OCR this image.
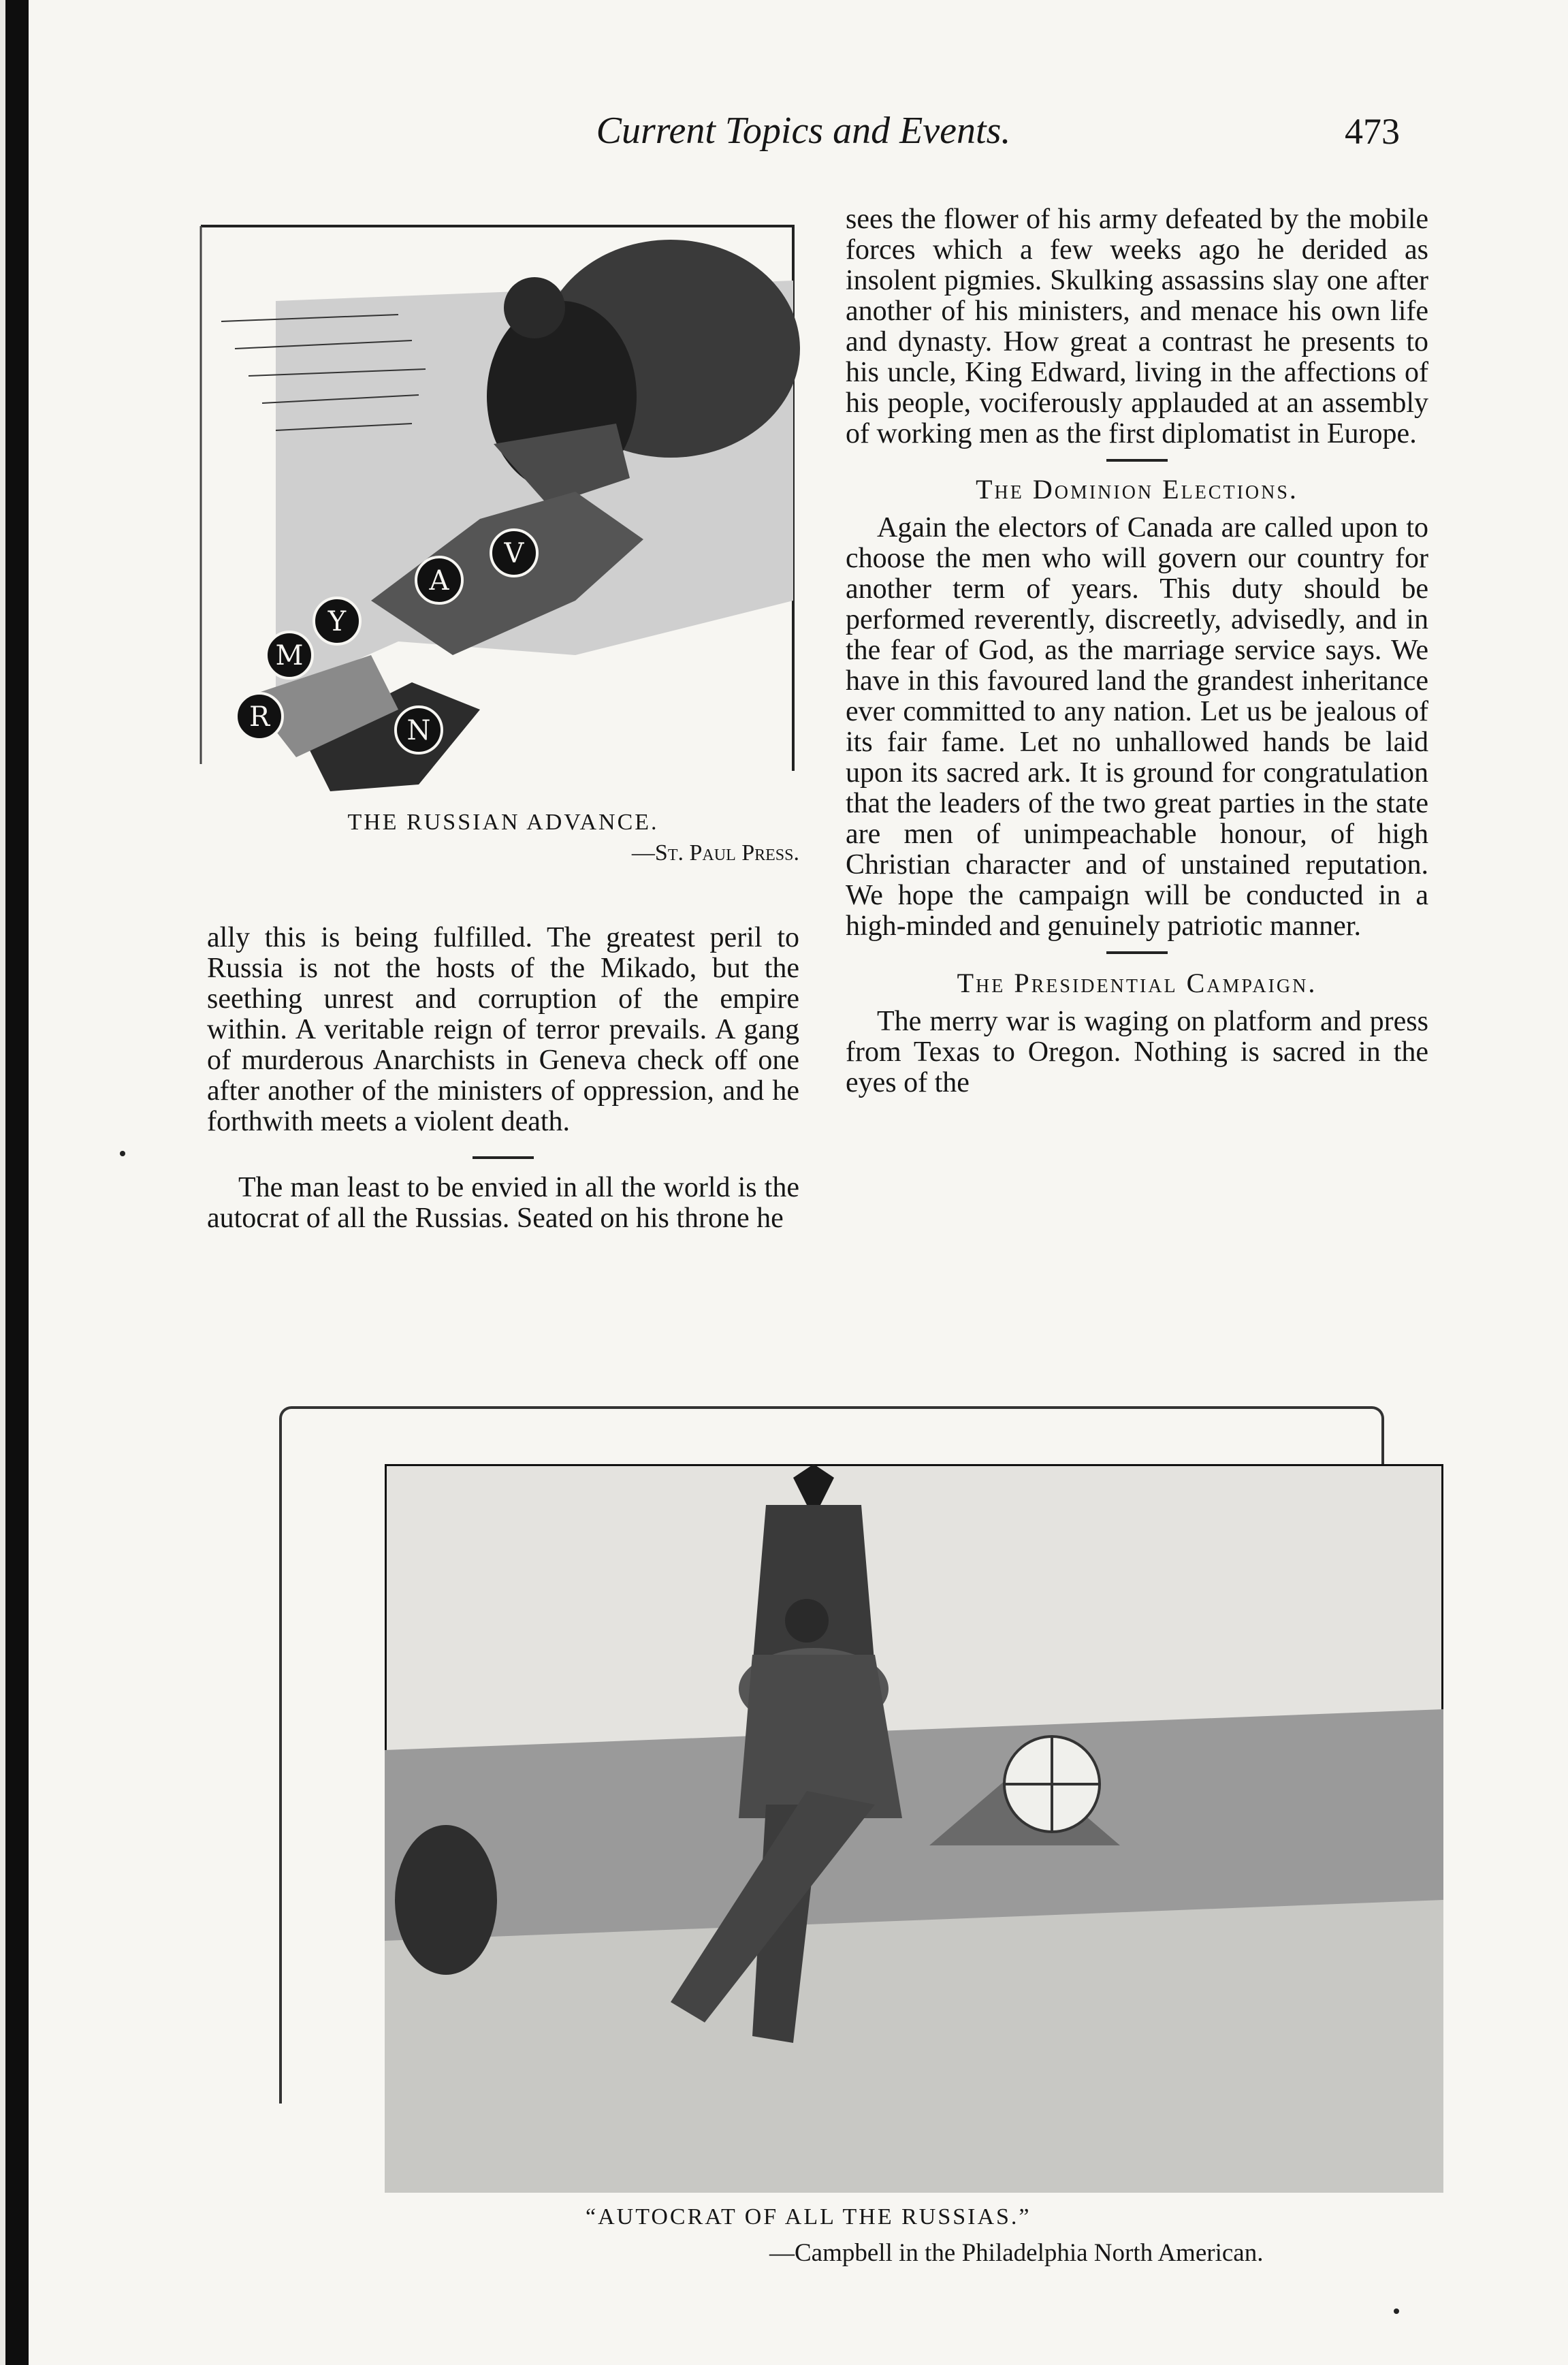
Current Topics and Events.	473
R
M
Y
A
V
N
THE RUSSIAN ADVANCE.
—St. Paul Press.

ally this is being fulfilled. The greatest peril to Russia is not the hosts of the Mikado, but the seething unrest and corruption of the empire within. A veritable reign of terror prevails. A gang of murderous Anarchists in Geneva check off one after another of the ministers of oppression, and he forthwith meets a violent death.

The man least to be envied in all the world is the autocrat of all the Russias. Seated on his throne he

sees the flower of his army defeated by the mobile forces which a few weeks ago he derided as insolent pigmies. Skulking assassins slay one after another of his ministers, and menace his own life and dynasty. How great a contrast he presents to his uncle, King Edward, living in the affections of his people, vociferously applauded at an assembly of working men as the first diplomatist in Europe.

The Dominion Elections.

Again the electors of Canada are called upon to choose the men who will govern our country for another term of years. This duty should be performed reverently, discreetly, advisedly, and in the fear of God, as the marriage service says. We have in this favoured land the grandest inheritance ever committed to any nation. Let us be jealous of its fair fame. Let no unhallowed hands be laid upon its sacred ark. It is ground for congratulation that the leaders of the two great parties in the state are men of unimpeachable honour, of high Christian character and of unstained reputation. We hope the campaign will be conducted in a high-minded and genuinely patriotic manner.

The Presidential Campaign.

The merry war is waging on platform and press from Texas to Oregon. Nothing is sacred in the eyes of the

“AUTOCRAT OF ALL THE RUSSIAS.”
—Campbell in the Philadelphia North American.
